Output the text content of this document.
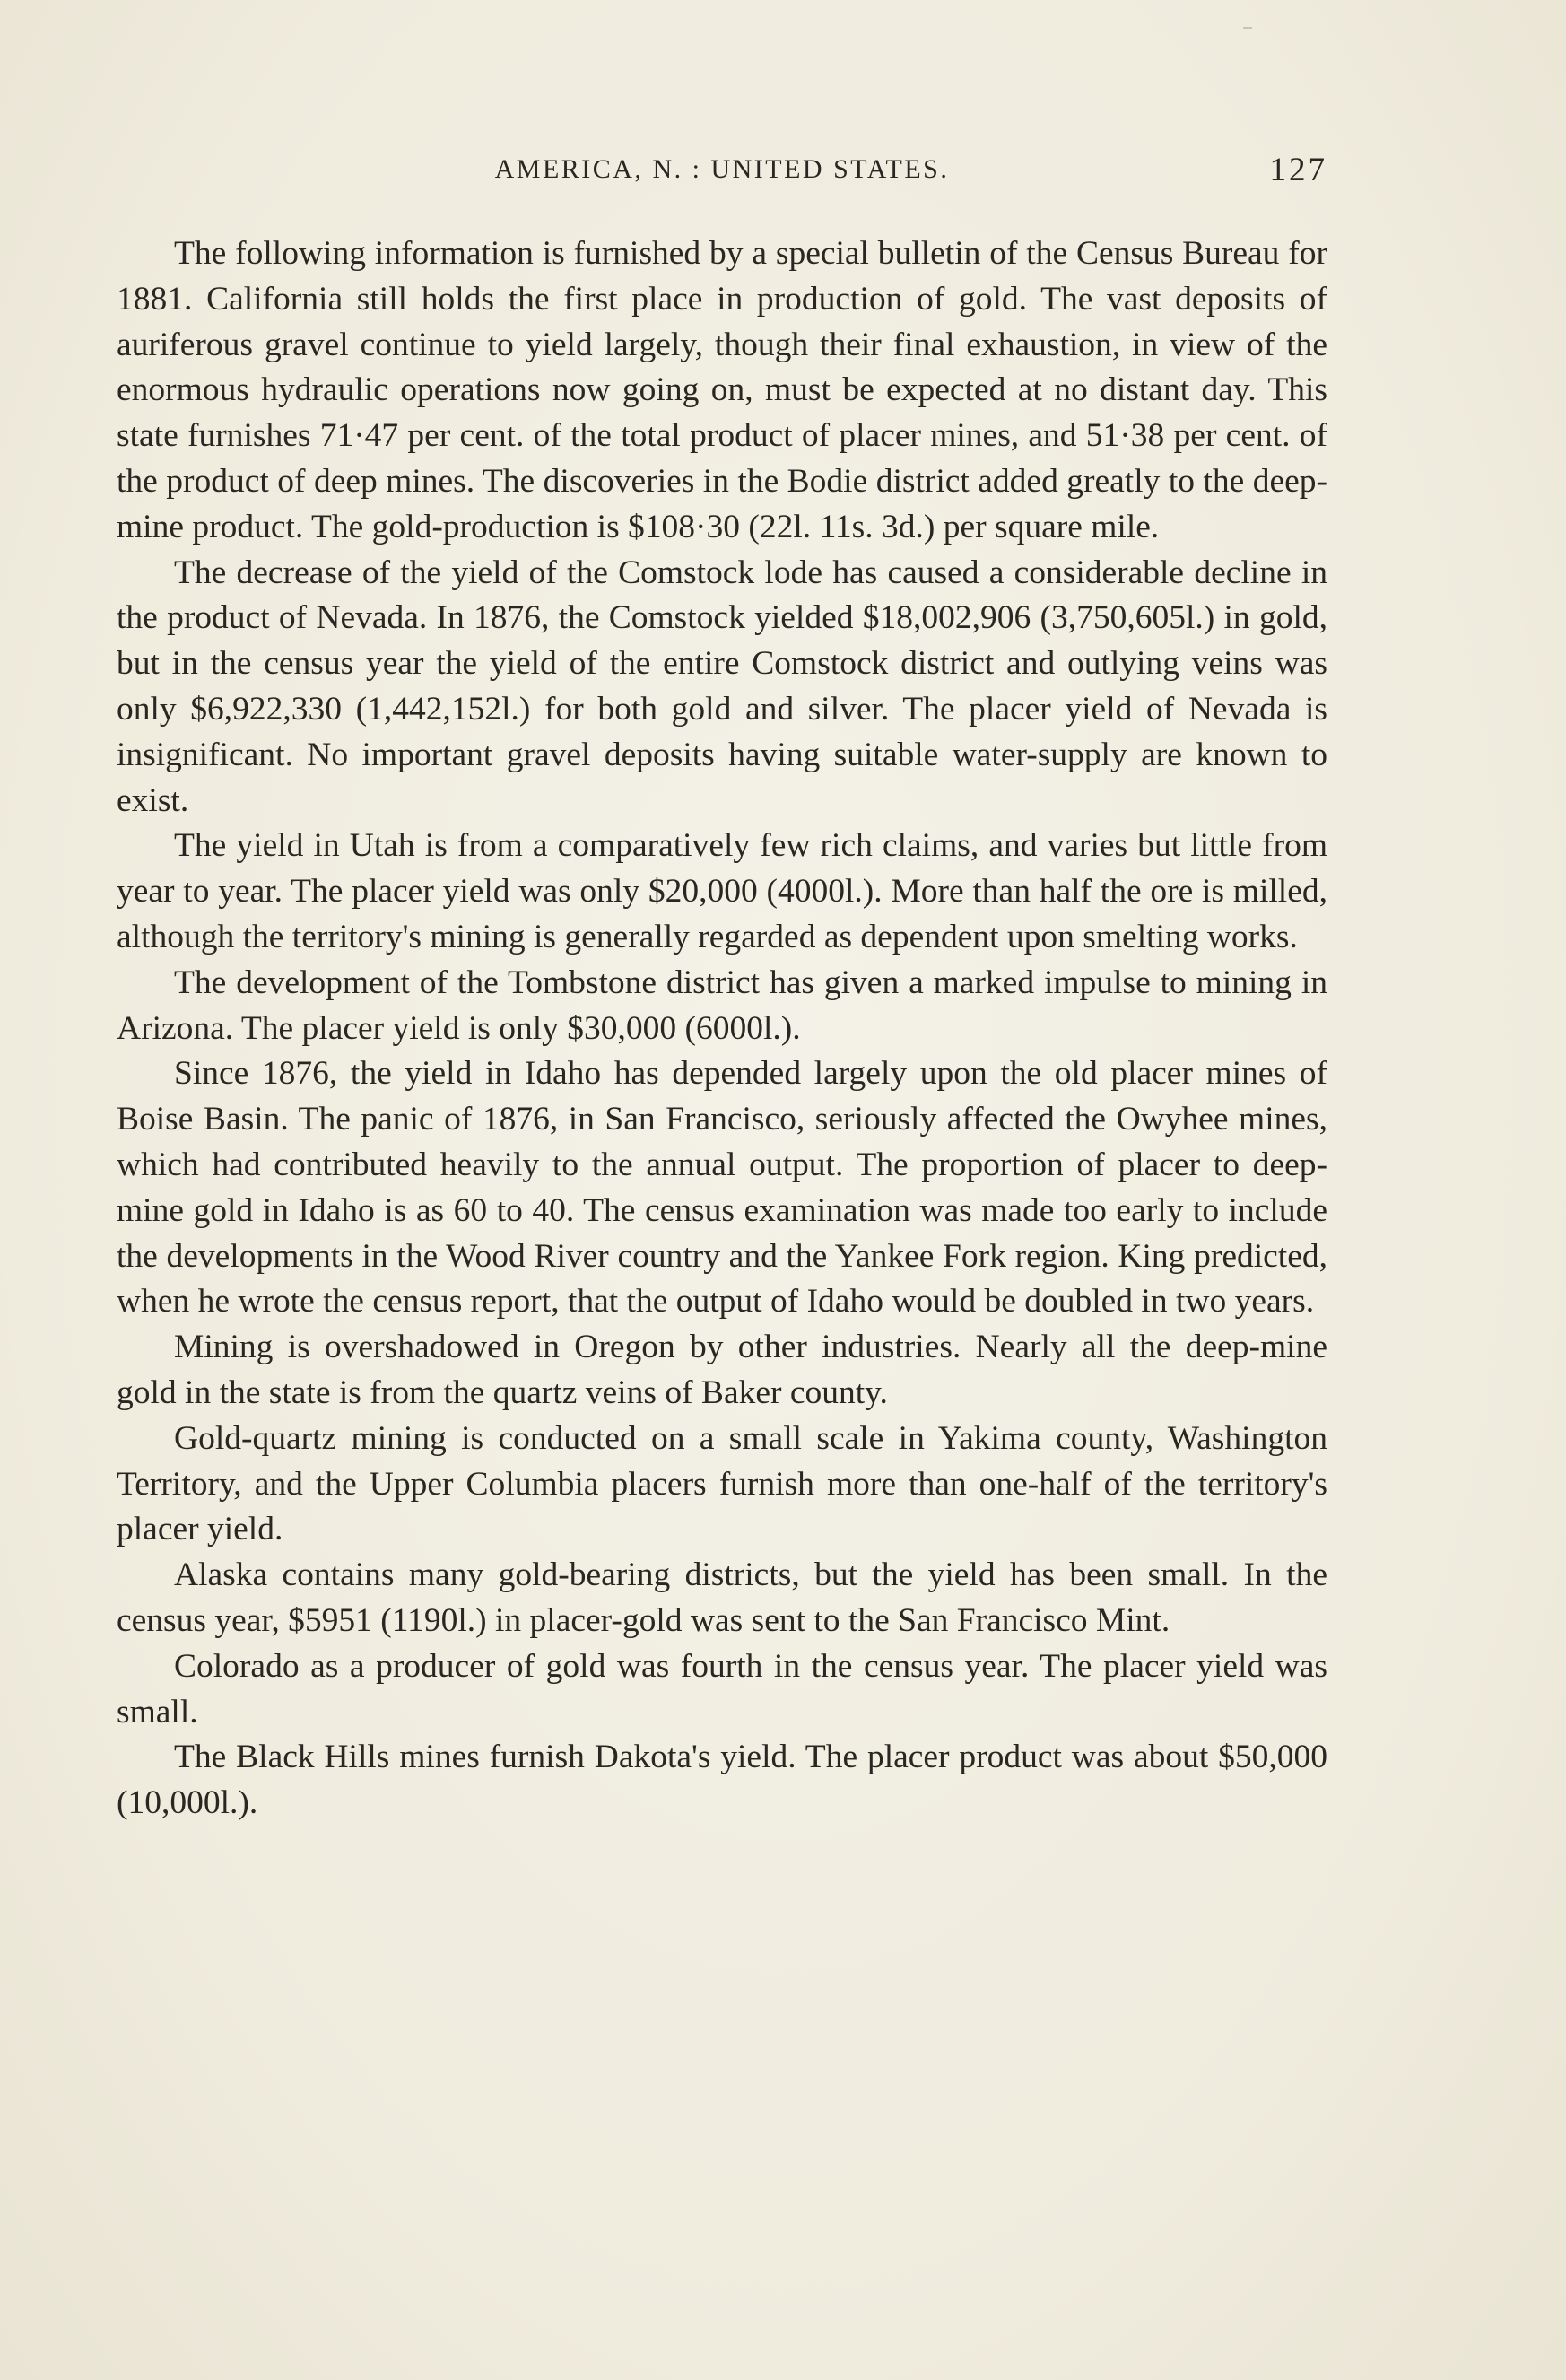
AMERICA, N. : UNITED STATES.	127

The following information is furnished by a special bulletin of the Census Bureau for 1881. California still holds the first place in production of gold. The vast deposits of auriferous gravel continue to yield largely, though their final exhaustion, in view of the enormous hydraulic operations now going on, must be expected at no distant day. This state furnishes 71·47 per cent. of the total product of placer mines, and 51·38 per cent. of the product of deep mines. The discoveries in the Bodie district added greatly to the deep-mine product. The gold-production is $108·30 (22l. 11s. 3d.) per square mile.

The decrease of the yield of the Comstock lode has caused a considerable decline in the product of Nevada. In 1876, the Comstock yielded $18,002,906 (3,750,605l.) in gold, but in the census year the yield of the entire Comstock district and outlying veins was only $6,922,330 (1,442,152l.) for both gold and silver. The placer yield of Nevada is insignificant. No important gravel deposits having suitable water-supply are known to exist.

The yield in Utah is from a comparatively few rich claims, and varies but little from year to year. The placer yield was only $20,000 (4000l.). More than half the ore is milled, although the territory's mining is generally regarded as dependent upon smelting works.

The development of the Tombstone district has given a marked impulse to mining in Arizona. The placer yield is only $30,000 (6000l.).

Since 1876, the yield in Idaho has depended largely upon the old placer mines of Boise Basin. The panic of 1876, in San Francisco, seriously affected the Owyhee mines, which had contributed heavily to the annual output. The proportion of placer to deep-mine gold in Idaho is as 60 to 40. The census examination was made too early to include the developments in the Wood River country and the Yankee Fork region. King predicted, when he wrote the census report, that the output of Idaho would be doubled in two years.

Mining is overshadowed in Oregon by other industries. Nearly all the deep-mine gold in the state is from the quartz veins of Baker county.

Gold-quartz mining is conducted on a small scale in Yakima county, Washington Territory, and the Upper Columbia placers furnish more than one-half of the territory's placer yield.

Alaska contains many gold-bearing districts, but the yield has been small. In the census year, $5951 (1190l.) in placer-gold was sent to the San Francisco Mint.

Colorado as a producer of gold was fourth in the census year. The placer yield was small.

The Black Hills mines furnish Dakota's yield. The placer product was about $50,000 (10,000l.).
